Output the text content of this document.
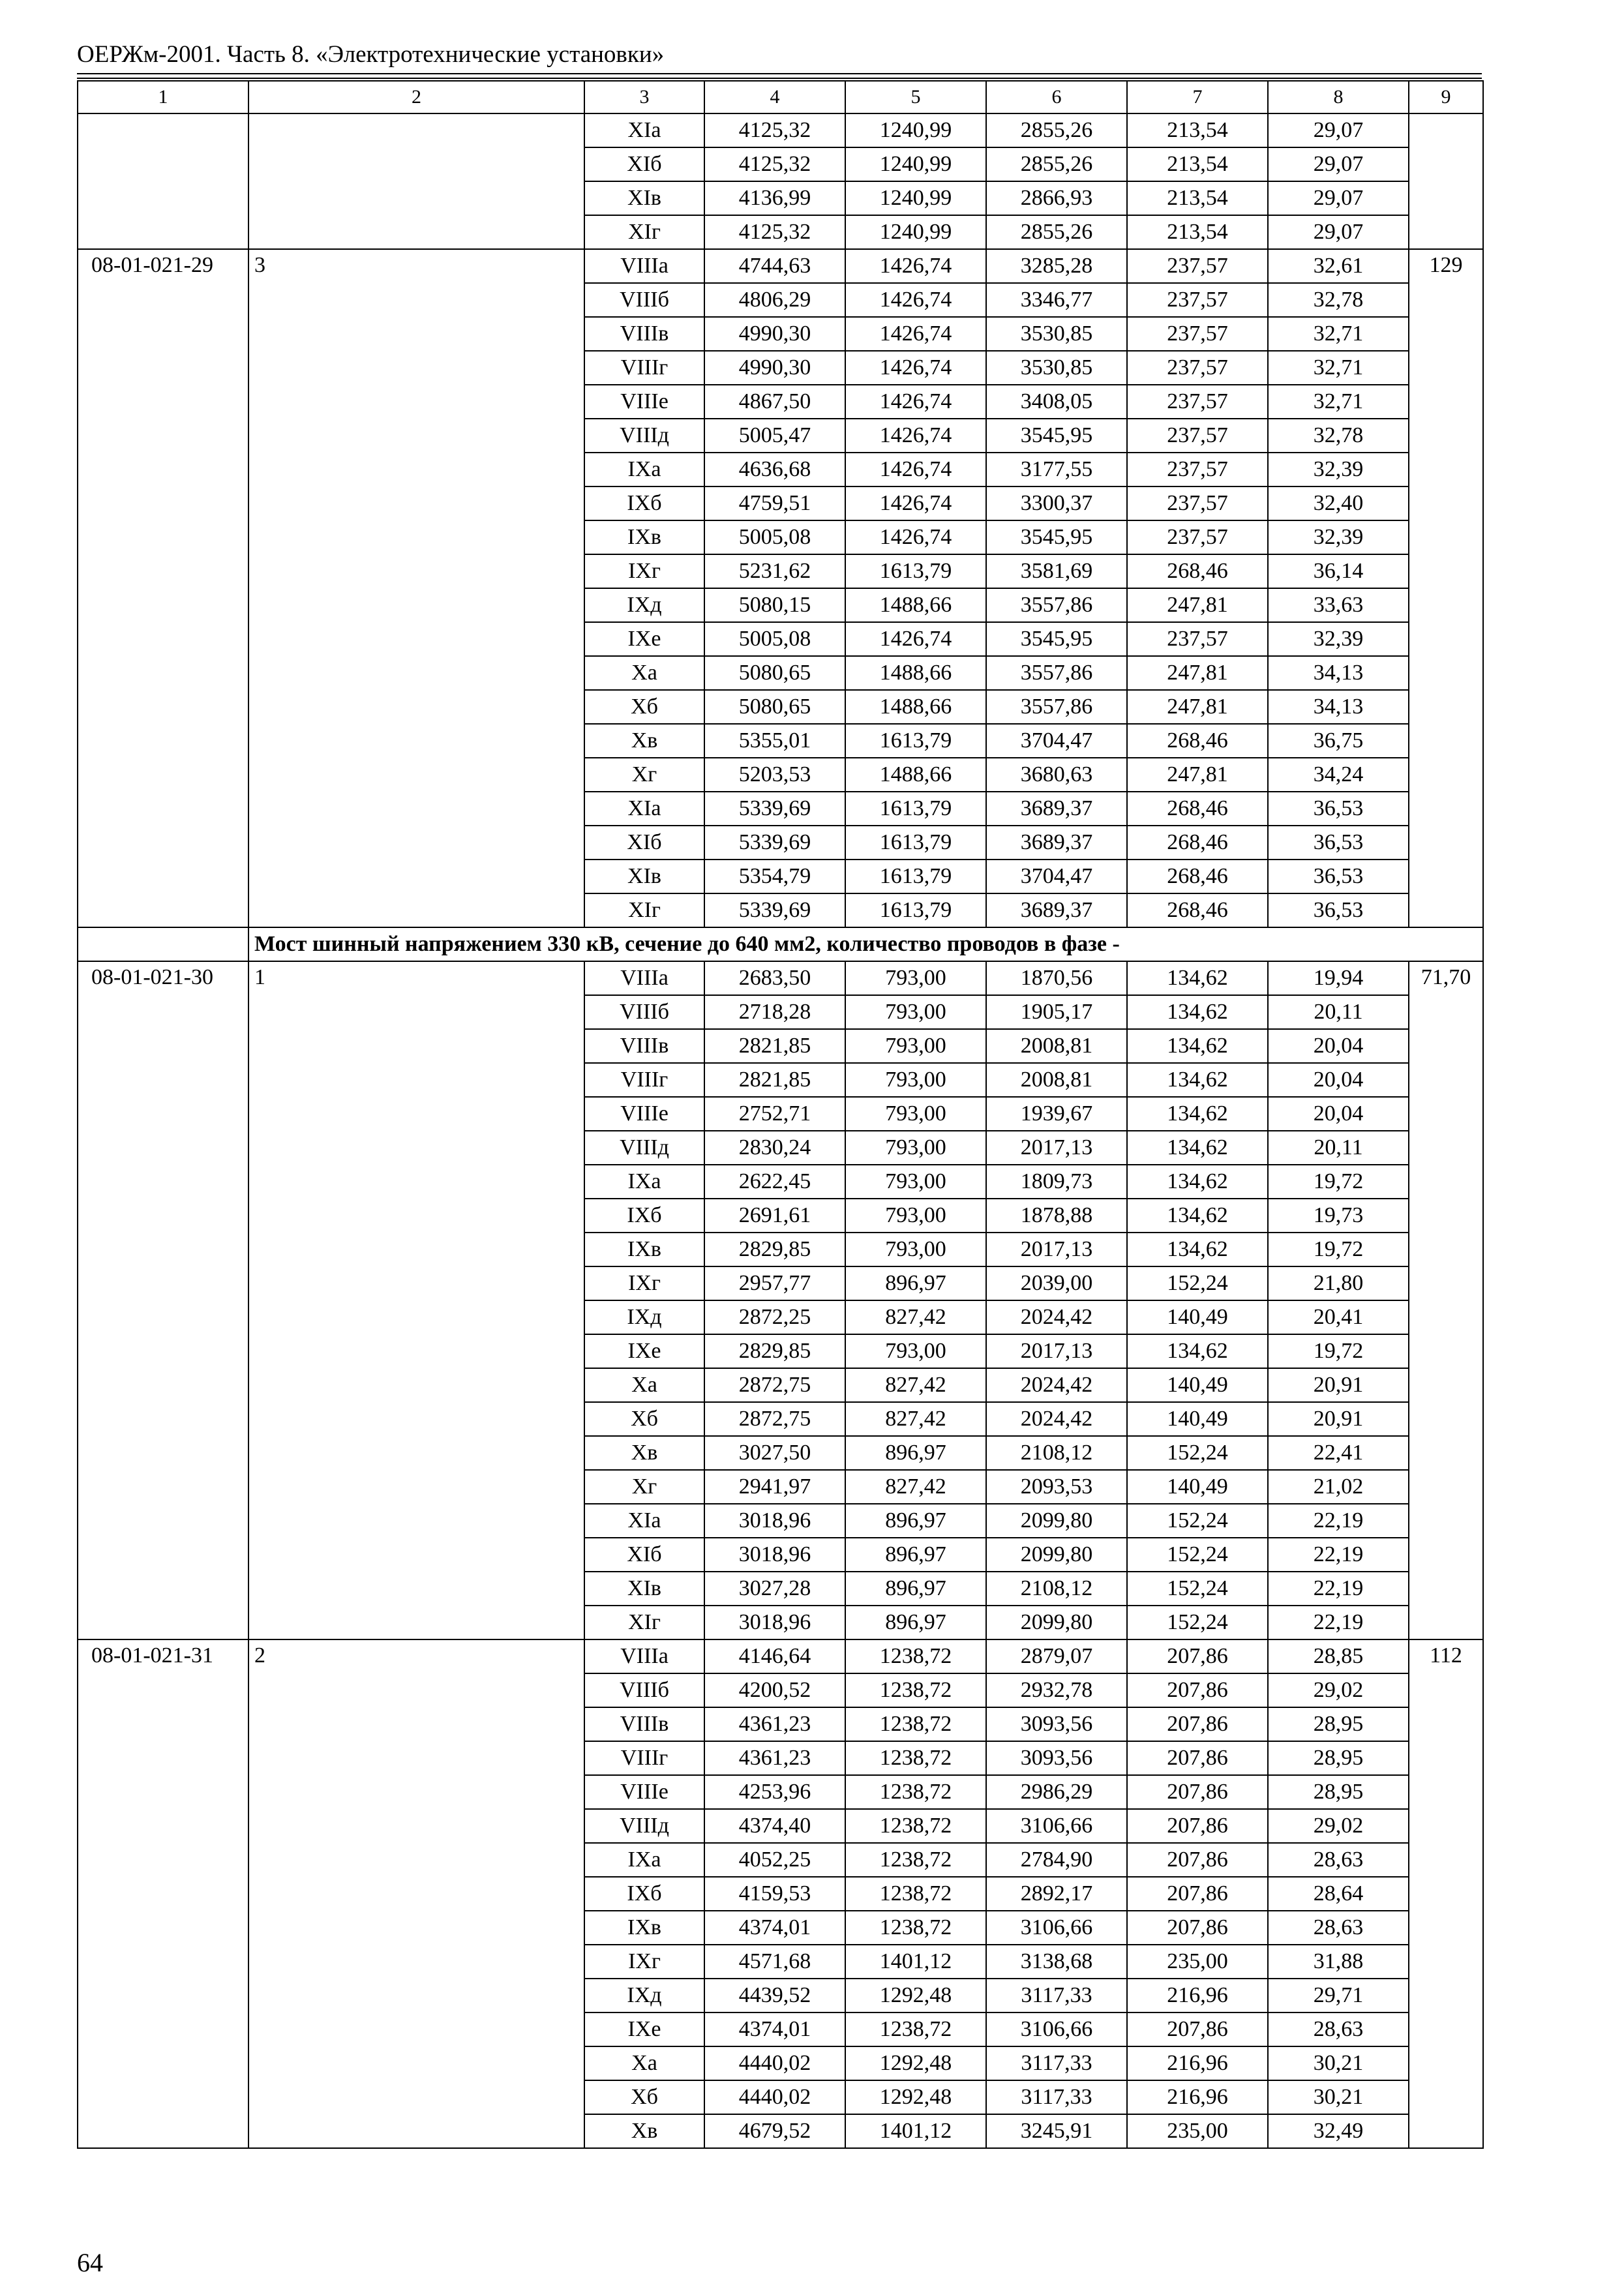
ОЕРЖм-2001. Часть 8. «Электротехнические установки»
1	2	3	4	5	6	7	8	9
		XIа	4125,32	1240,99	2855,26	213,54	29,07	
		XIб	4125,32	1240,99	2855,26	213,54	29,07	
		XIв	4136,99	1240,99	2866,93	213,54	29,07	
		XIг	4125,32	1240,99	2855,26	213,54	29,07	
08-01-021-29	3	VIIIа	4744,63	1426,74	3285,28	237,57	32,61	129
		VIIIб	4806,29	1426,74	3346,77	237,57	32,78	
		VIIIв	4990,30	1426,74	3530,85	237,57	32,71	
		VIIIг	4990,30	1426,74	3530,85	237,57	32,71	
		VIIIе	4867,50	1426,74	3408,05	237,57	32,71	
		VIIIд	5005,47	1426,74	3545,95	237,57	32,78	
		IXа	4636,68	1426,74	3177,55	237,57	32,39	
		IXб	4759,51	1426,74	3300,37	237,57	32,40	
		IXв	5005,08	1426,74	3545,95	237,57	32,39	
		IXг	5231,62	1613,79	3581,69	268,46	36,14	
		IXд	5080,15	1488,66	3557,86	247,81	33,63	
		IXе	5005,08	1426,74	3545,95	237,57	32,39	
		Xа	5080,65	1488,66	3557,86	247,81	34,13	
		Xб	5080,65	1488,66	3557,86	247,81	34,13	
		Xв	5355,01	1613,79	3704,47	268,46	36,75	
		Xг	5203,53	1488,66	3680,63	247,81	34,24	
		XIа	5339,69	1613,79	3689,37	268,46	36,53	
		XIб	5339,69	1613,79	3689,37	268,46	36,53	
		XIв	5354,79	1613,79	3704,47	268,46	36,53	
		XIг	5339,69	1613,79	3689,37	268,46	36,53	
	Мост шинный напряжением 330 кВ, сечение до 640 мм2, количество проводов в фазе -							
08-01-021-30	1	VIIIа	2683,50	793,00	1870,56	134,62	19,94	71,70
		VIIIб	2718,28	793,00	1905,17	134,62	20,11	
		VIIIв	2821,85	793,00	2008,81	134,62	20,04	
		VIIIг	2821,85	793,00	2008,81	134,62	20,04	
		VIIIе	2752,71	793,00	1939,67	134,62	20,04	
		VIIIд	2830,24	793,00	2017,13	134,62	20,11	
		IXа	2622,45	793,00	1809,73	134,62	19,72	
		IXб	2691,61	793,00	1878,88	134,62	19,73	
		IXв	2829,85	793,00	2017,13	134,62	19,72	
		IXг	2957,77	896,97	2039,00	152,24	21,80	
		IXд	2872,25	827,42	2024,42	140,49	20,41	
		IXе	2829,85	793,00	2017,13	134,62	19,72	
		Xа	2872,75	827,42	2024,42	140,49	20,91	
		Xб	2872,75	827,42	2024,42	140,49	20,91	
		Xв	3027,50	896,97	2108,12	152,24	22,41	
		Xг	2941,97	827,42	2093,53	140,49	21,02	
		XIа	3018,96	896,97	2099,80	152,24	22,19	
		XIб	3018,96	896,97	2099,80	152,24	22,19	
		XIв	3027,28	896,97	2108,12	152,24	22,19	
		XIг	3018,96	896,97	2099,80	152,24	22,19	
08-01-021-31	2	VIIIа	4146,64	1238,72	2879,07	207,86	28,85	112
		VIIIб	4200,52	1238,72	2932,78	207,86	29,02	
		VIIIв	4361,23	1238,72	3093,56	207,86	28,95	
		VIIIг	4361,23	1238,72	3093,56	207,86	28,95	
		VIIIе	4253,96	1238,72	2986,29	207,86	28,95	
		VIIIд	4374,40	1238,72	3106,66	207,86	29,02	
		IXа	4052,25	1238,72	2784,90	207,86	28,63	
		IXб	4159,53	1238,72	2892,17	207,86	28,64	
		IXв	4374,01	1238,72	3106,66	207,86	28,63	
		IXг	4571,68	1401,12	3138,68	235,00	31,88	
		IXд	4439,52	1292,48	3117,33	216,96	29,71	
		IXе	4374,01	1238,72	3106,66	207,86	28,63	
		Xа	4440,02	1292,48	3117,33	216,96	30,21	
		Xб	4440,02	1292,48	3117,33	216,96	30,21	
		Xв	4679,52	1401,12	3245,91	235,00	32,49	
64
